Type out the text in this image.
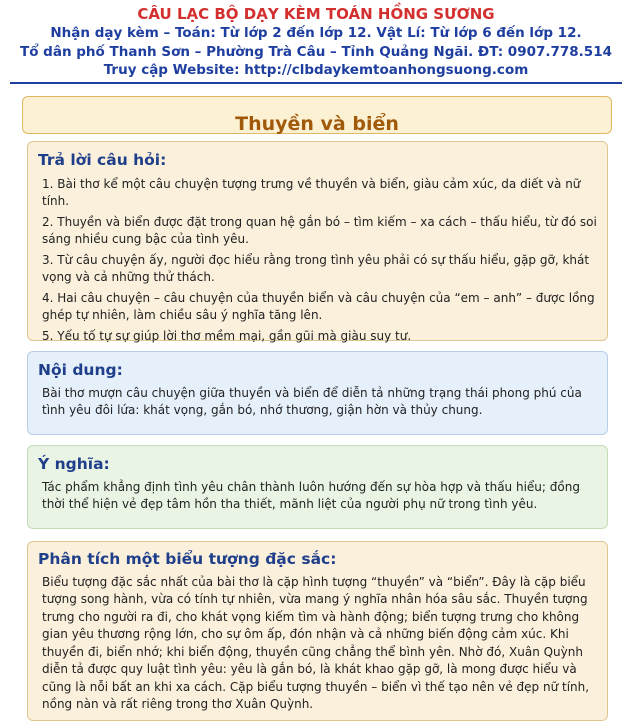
CÂU LẠC BỘ DẠY KÈM TOÁN HỒNG SƯƠNG
Nhận dạy kèm – Toán: Từ lớp 2 đến lớp 12. Vật Lí: Từ lớp 6 đến lớp 12.
Tổ dân phố Thanh Sơn – Phường Trà Câu – Tỉnh Quảng Ngãi. ĐT: 0907.778.514
Truy cập Website: http://clbdaykemtoanhongsuong.com
Thuyền và biển
Trả lời câu hỏi:
1. Bài thơ kể một câu chuyện tượng trưng về thuyền và biển, giàu cảm xúc, da diết và nữ tính.
2. Thuyền và biển được đặt trong quan hệ gắn bó – tìm kiếm – xa cách – thấu hiểu, từ đó soi sáng nhiều cung bậc của tình yêu.
3. Từ câu chuyện ấy, người đọc hiểu rằng trong tình yêu phải có sự thấu hiểu, gặp gỡ, khát vọng và cả những thử thách.
4. Hai câu chuyện – câu chuyện của thuyền biển và câu chuyện của “em – anh” – được lồng ghép tự nhiên, làm chiều sâu ý nghĩa tăng lên.
5. Yếu tố tự sự giúp lời thơ mềm mại, gần gũi mà giàu suy tư.
Nội dung:

Bài thơ mượn câu chuyện giữa thuyền và biển để diễn tả những trạng thái phong phú của tình yêu đôi lứa: khát vọng, gắn bó, nhớ thương, giận hờn và thủy chung.

Ý nghĩa:

Tác phẩm khẳng định tình yêu chân thành luôn hướng đến sự hòa hợp và thấu hiểu; đồng thời thể hiện vẻ đẹp tâm hồn tha thiết, mãnh liệt của người phụ nữ trong tình yêu.

Phân tích một biểu tượng đặc sắc:

Biểu tượng đặc sắc nhất của bài thơ là cặp hình tượng “thuyền” và “biển”. Đây là cặp biểu tượng song hành, vừa có tính tự nhiên, vừa mang ý nghĩa nhân hóa sâu sắc. Thuyền tượng trưng cho người ra đi, cho khát vọng kiếm tìm và hành động; biển tượng trưng cho không gian yêu thương rộng lớn, cho sự ôm ấp, đón nhận và cả những biến động cảm xúc. Khi thuyền đi, biển nhớ; khi biển động, thuyền cũng chẳng thể bình yên. Nhờ đó, Xuân Quỳnh diễn tả được quy luật tình yêu: yêu là gắn bó, là khát khao gặp gỡ, là mong được hiểu và cũng là nỗi bất an khi xa cách. Cặp biểu tượng thuyền – biển vì thế tạo nên vẻ đẹp nữ tính, nồng nàn và rất riêng trong thơ Xuân Quỳnh.
